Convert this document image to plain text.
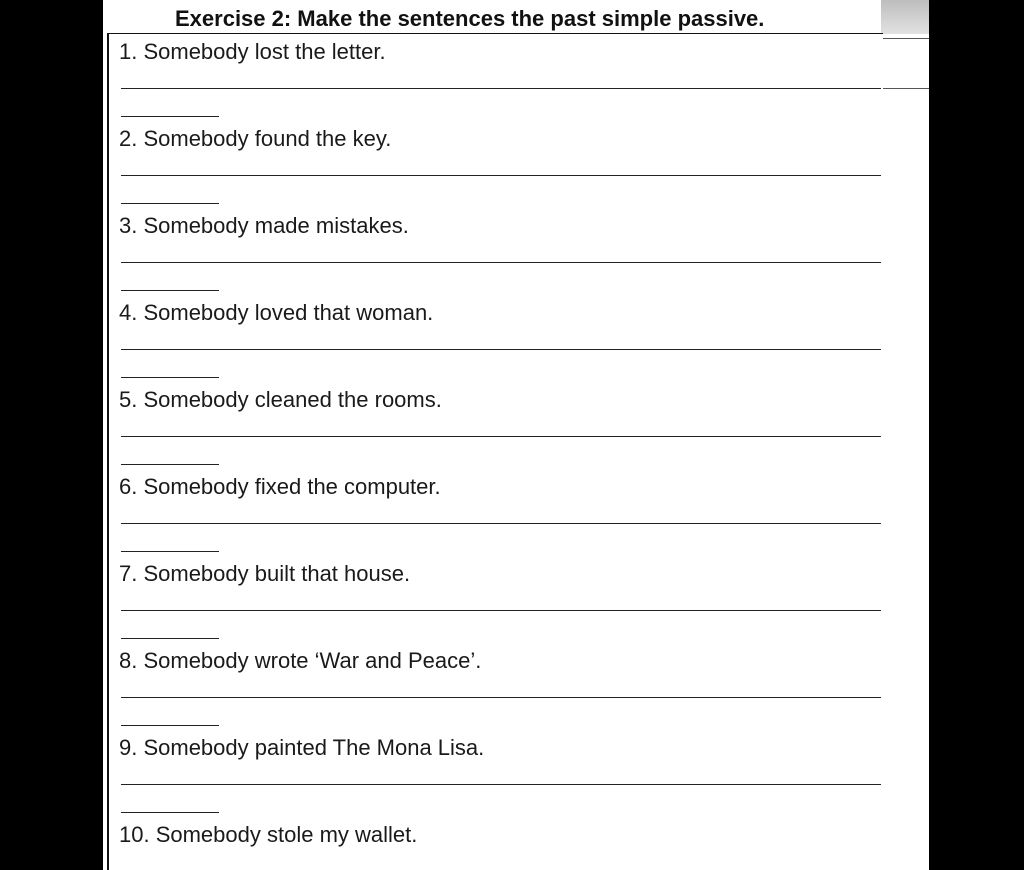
Exercise 2: Make the sentences the past simple passive.
1. Somebody lost the letter.
2. Somebody found the key.
3. Somebody made mistakes.
4. Somebody loved that woman.
5. Somebody cleaned the rooms.
6. Somebody fixed the computer.
7. Somebody built that house.
8. Somebody wrote ‘War and Peace’.
9. Somebody painted The Mona Lisa.
10. Somebody stole my wallet.
